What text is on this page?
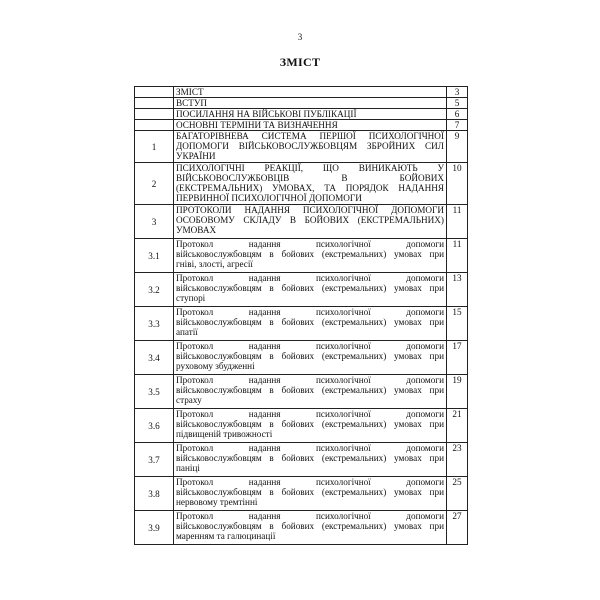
3
ЗМІСТ

	ЗМІСТ	3

	ВСТУП	5

	ПОСИЛАННЯ НА ВІЙСЬКОВІ ПУБЛІКАЦІЇ	6

	ОСНОВНІ ТЕРМІНИ ТА ВИЗНАЧЕННЯ	7
1	БАГАТОРІВНЕВА СИСТЕМА ПЕРШОЇ ПСИХОЛОГІЧНОЇ
ДОПОМОГИ ВІЙСЬКОВОСЛУЖБОВЦЯМ ЗБРОЙНИХ СИЛ
УКРАЇНИ	9
2	ПСИХОЛОГІЧНІ РЕАКЦІЇ, ЩО ВИНИКАЮТЬ У
ВІЙСЬКОВОСЛУЖБОВЦІВ В БОЙОВИХ
(ЕКСТРЕМАЛЬНИХ) УМОВАХ, ТА ПОРЯДОК НАДАННЯ
ПЕРВИННОЇ ПСИХОЛОГІЧНОЇ ДОПОМОГИ	10
3	ПРОТОКОЛИ НАДАННЯ ПСИХОЛОГІЧНОЇ ДОПОМОГИ
ОСОБОВОМУ СКЛАДУ В БОЙОВИХ (ЕКСТРЕМАЛЬНИХ)
УМОВАХ	11
3.1	Протокол надання психологічної допомоги
військовослужбовцям в бойових (екстремальних) умовах при
гніві, злості, агресії	11
3.2	Протокол надання психологічної допомоги
військовослужбовцям в бойових (екстремальних) умовах при
ступорі	13
3.3	Протокол надання психологічної допомоги
військовослужбовцям в бойових (екстремальних) умовах при
апатії	15
3.4	Протокол надання психологічної допомоги
військовослужбовцям в бойових (екстремальних) умовах при
руховому збудженні	17
3.5	Протокол надання психологічної допомоги
військовослужбовцям в бойових (екстремальних) умовах при
страху	19
3.6	Протокол надання психологічної допомоги
військовослужбовцям в бойових (екстремальних) умовах при
підвищеній тривожності	21
3.7	Протокол надання психологічної допомоги
військовослужбовцям в бойових (екстремальних) умовах при
паніці	23
3.8	Протокол надання психологічної допомоги
військовослужбовцям в бойових (екстремальних) умовах при
нервовому тремтінні	25
3.9	Протокол надання психологічної допомоги
військовослужбовцям в бойових (екстремальних) умовах при
маренням та галюцинації	27
